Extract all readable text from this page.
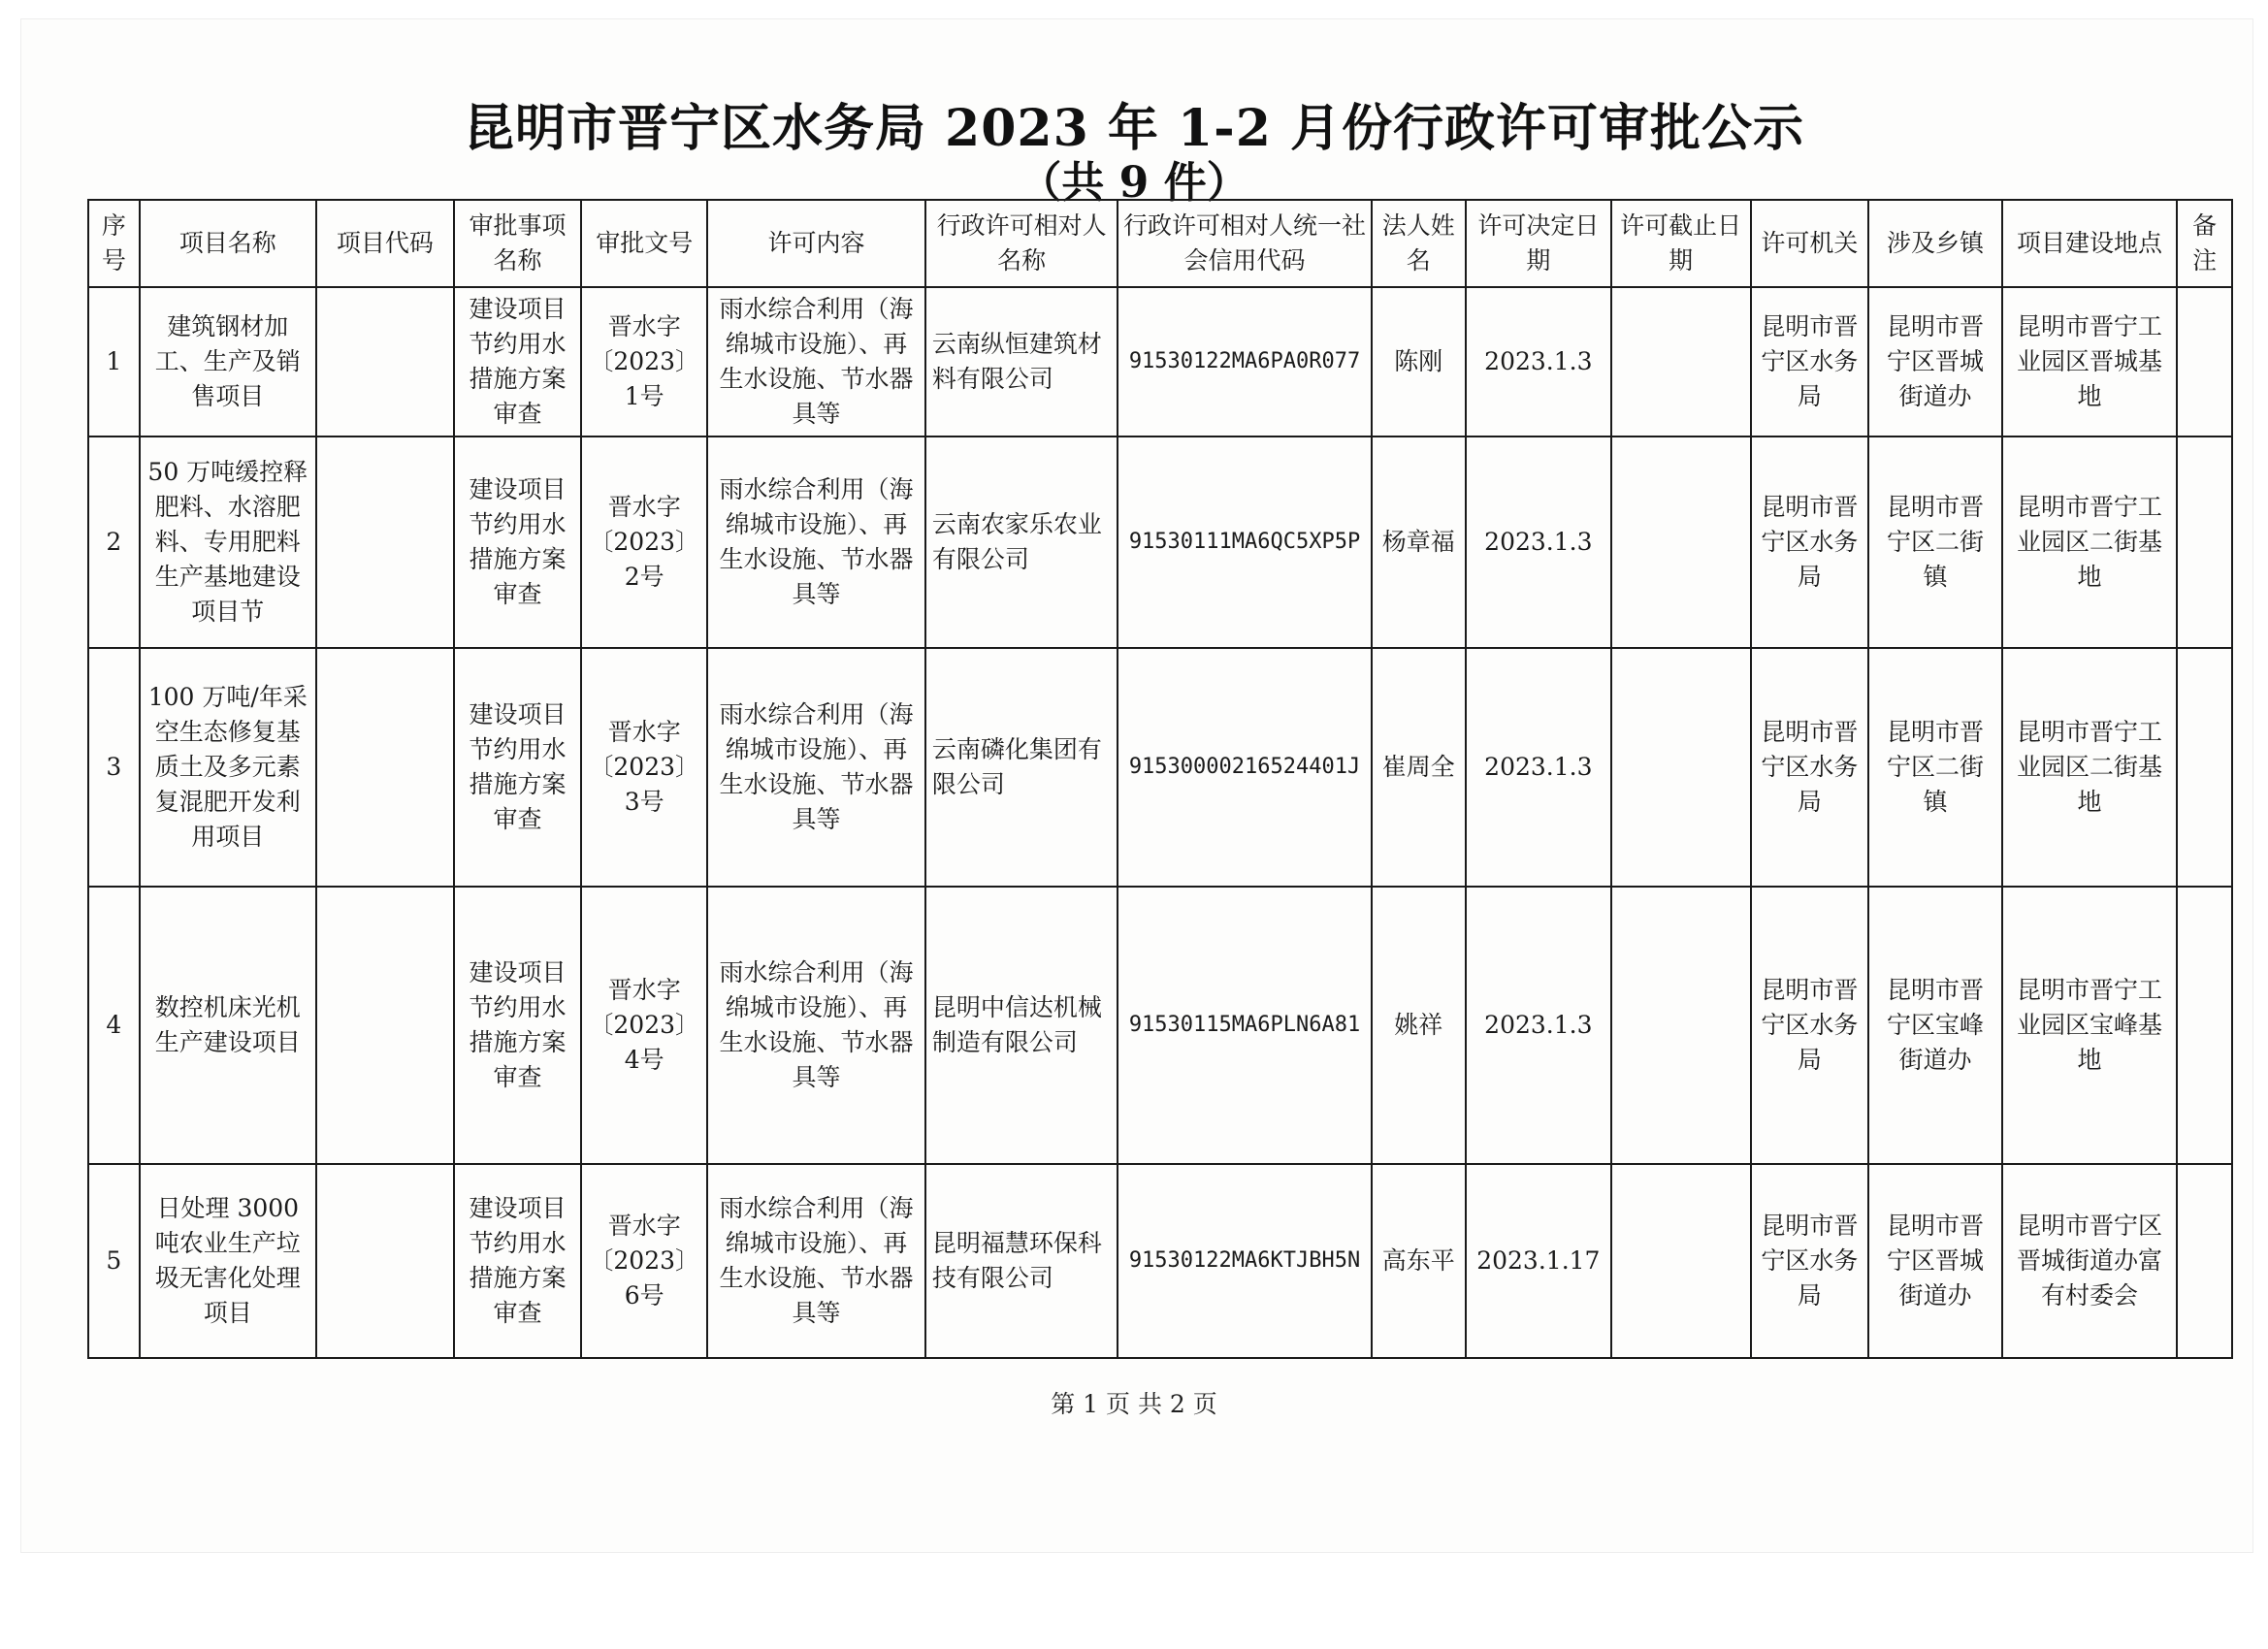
昆明市晋宁区水务局 2023 年 1-2 月份行政许可审批公示
（共 9 件）
序号	项目名称	项目代码	审批事项名称	审批文号	许可内容	行政许可相对人名称	行政许可相对人统一社会信用代码	法人姓名	许可决定日期	许可截止日期	许可机关	涉及乡镇	项目建设地点	备注
1	建筑钢材加工、生产及销售项目		建设项目节约用水措施方案审查	晋水字〔2023〕1号	雨水综合利用（海绵城市设施）、再生水设施、节水器具等	云南纵恒建筑材料有限公司	91530122MA6PA0R077	陈刚	2023.1.3		昆明市晋宁区水务局	昆明市晋宁区晋城街道办	昆明市晋宁工业园区晋城基地	
2	50 万吨缓控释肥料、水溶肥料、专用肥料生产基地建设项目节		建设项目节约用水措施方案审查	晋水字〔2023〕2号	雨水综合利用（海绵城市设施）、再生水设施、节水器具等	云南农家乐农业有限公司	91530111MA6QC5XP5P	杨章福	2023.1.3		昆明市晋宁区水务局	昆明市晋宁区二街镇	昆明市晋宁工业园区二街基地	
3	100 万吨/年采空生态修复基质土及多元素复混肥开发利用项目		建设项目节约用水措施方案审查	晋水字〔2023〕3号	雨水综合利用（海绵城市设施）、再生水设施、节水器具等	云南磷化集团有限公司	91530000216524401J	崔周全	2023.1.3		昆明市晋宁区水务局	昆明市晋宁区二街镇	昆明市晋宁工业园区二街基地	
4	数控机床光机生产建设项目		建设项目节约用水措施方案审查	晋水字〔2023〕4号	雨水综合利用（海绵城市设施）、再生水设施、节水器具等	昆明中信达机械制造有限公司	91530115MA6PLN6A81	姚祥	2023.1.3		昆明市晋宁区水务局	昆明市晋宁区宝峰街道办	昆明市晋宁工业园区宝峰基地	
5	日处理 3000 吨农业生产垃圾无害化处理项目		建设项目节约用水措施方案审查	晋水字〔2023〕6号	雨水综合利用（海绵城市设施）、再生水设施、节水器具等	昆明福慧环保科技有限公司	91530122MA6KTJBH5N	高东平	2023.1.17		昆明市晋宁区水务局	昆明市晋宁区晋城街道办	昆明市晋宁区晋城街道办富有村委会	
第 1 页 共 2 页
